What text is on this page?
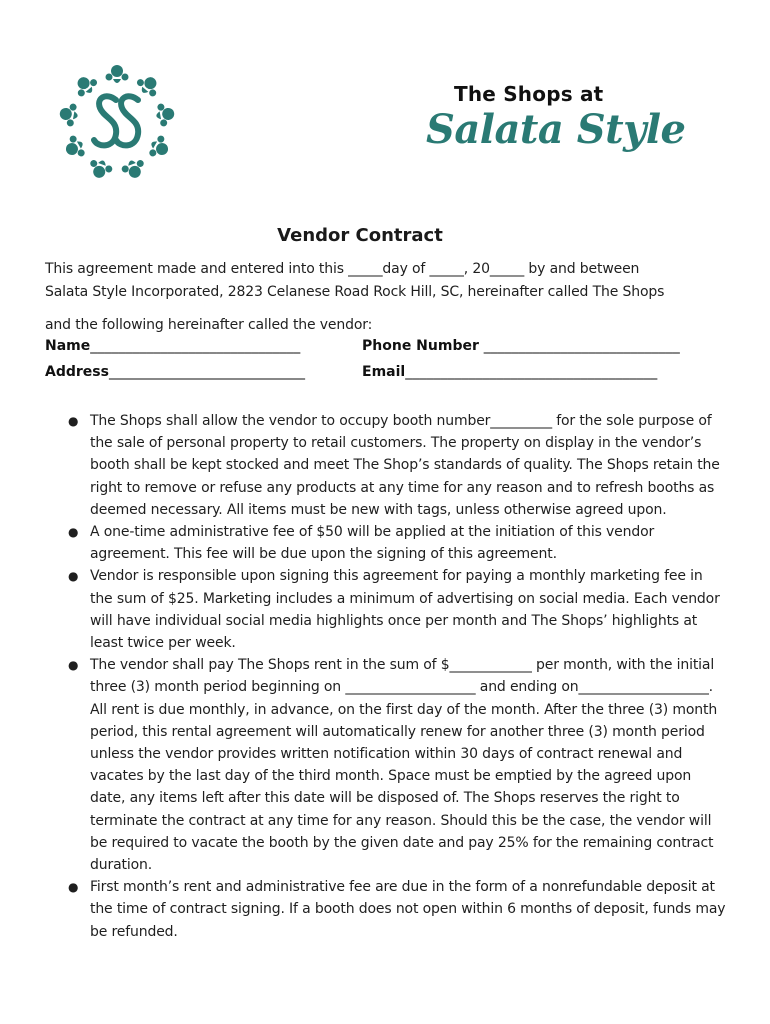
The Shops at
Salata Style
Vendor Contract

This agreement made and entered into this _____day of _____, 20_____ by and between

Salata Style Incorporated, 2823 Celanese Road Rock Hill, SC, hereinafter called The Shops

and the following hereinafter called the vendor:

Name______________________________	Phone Number ____________________________
Address____________________________	Email____________________________________
● The Shops shall allow the vendor to occupy booth number_________ for the sole purpose of the sale of personal property to retail customers. The property on display in the vendor’s booth shall be kept stocked and meet The Shop’s standards of quality. The Shops retain the right to remove or refuse any products at any time for any reason and to refresh booths as deemed necessary. All items must be new with tags, unless otherwise agreed upon.
● A one-time administrative fee of $50 will be applied at the initiation of this vendor agreement. This fee will be due upon the signing of this agreement.
● Vendor is responsible upon signing this agreement for paying a monthly marketing fee in the sum of $25. Marketing includes a minimum of advertising on social media. Each vendor will have individual social media highlights once per month and The Shops’ highlights at least twice per week.
● The vendor shall pay The Shops rent in the sum of $____________ per month, with the initial three (3) month period beginning on ___________________ and ending on___________________. All rent is due monthly, in advance, on the first day of the month. After the three (3) month period, this rental agreement will automatically renew for another three (3) month period unless the vendor provides written notification within 30 days of contract renewal and vacates by the last day of the third month. Space must be emptied by the agreed upon date, any items left after this date will be disposed of. The Shops reserves the right to terminate the contract at any time for any reason. Should this be the case, the vendor will be required to vacate the booth by the given date and pay 25% for the remaining contract duration.
● First month’s rent and administrative fee are due in the form of a nonrefundable deposit at the time of contract signing. If a booth does not open within 6 months of deposit, funds may be refunded.
